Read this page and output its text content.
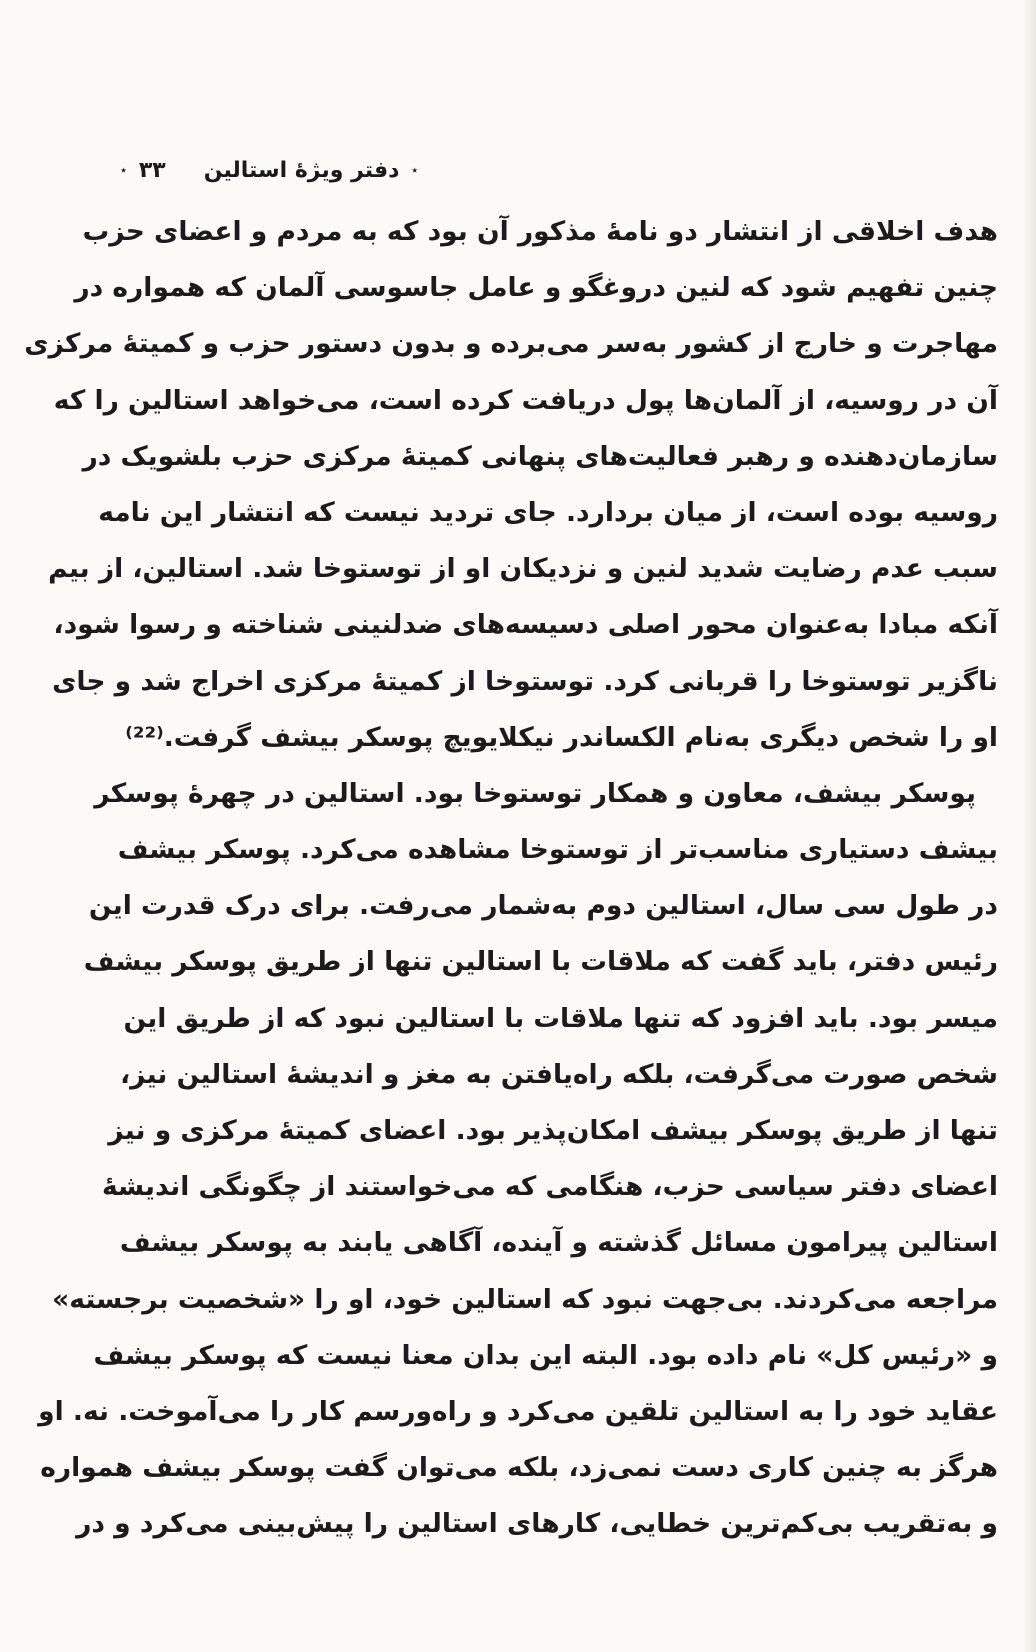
٭
دفتر ویژهٔ استالین
۳۳
٭
هدف اخلاقی از انتشار دو نامهٔ مذکور آن بود که به مردم و اعضای حزب
چنین تفهیم شود که لنین دروغگو و عامل جاسوسی آلمان که همواره در
مهاجرت و خارج از کشور به‌سر می‌برده و بدون دستور حزب و کمیتهٔ مرکزی
آن در روسیه، از آلمان‌ها پول دریافت کرده است، می‌خواهد استالین را که
سازمان‌دهنده و رهبر فعالیت‌های پنهانی کمیتهٔ مرکزی حزب بلشویک در
روسیه بوده است، از میان بردارد. جای تردید نیست که انتشار این نامه
سبب عدم رضایت شدید لنین و نزدیکان او از توستوخا شد. استالین، از بیم
آنکه مبادا به‌عنوان محور اصلی دسیسه‌های ضدلنینی شناخته و رسوا شود،
ناگزیر توستوخا را قربانی کرد. توستوخا از کمیتهٔ مرکزی اخراج شد و جای
او را شخص دیگری به‌نام الکساندر نیکلایویچ پوسکر بیشف گرفت.⁽²²⁾
پوسکر بیشف، معاون و همکار توستوخا بود. استالین در چهرهٔ پوسکر
بیشف دستیاری مناسب‌تر از توستوخا مشاهده می‌کرد. پوسکر بیشف
در طول سی سال، استالین دوم به‌شمار می‌رفت. برای درک قدرت این
رئیس دفتر، باید گفت که ملاقات با استالین تنها از طریق پوسکر بیشف
میسر بود. باید افزود که تنها ملاقات با استالین نبود که از طریق این
شخص صورت می‌گرفت، بلکه راه‌یافتن به مغز و اندیشهٔ استالین نیز،
تنها از طریق پوسکر بیشف امکان‌پذیر بود. اعضای کمیتهٔ مرکزی و نیز
اعضای دفتر سیاسی حزب، هنگامی که می‌خواستند از چگونگی اندیشهٔ
استالین پیرامون مسائل گذشته و آینده، آگاهی یابند به پوسکر بیشف
مراجعه می‌کردند. بی‌جهت نبود که استالین خود، او را «شخصیت برجسته»
و «رئیس کل» نام داده بود. البته این بدان معنا نیست که پوسکر بیشف
عقاید خود را به استالین تلقین می‌کرد و راه‌ورسم کار را می‌آموخت. نه. او
هرگز به چنین کاری دست نمی‌زد، بلکه می‌توان گفت پوسکر بیشف همواره
و به‌تقریب بی‌کم‌ترین خطایی، کارهای استالین را پیش‌بینی می‌کرد و در
